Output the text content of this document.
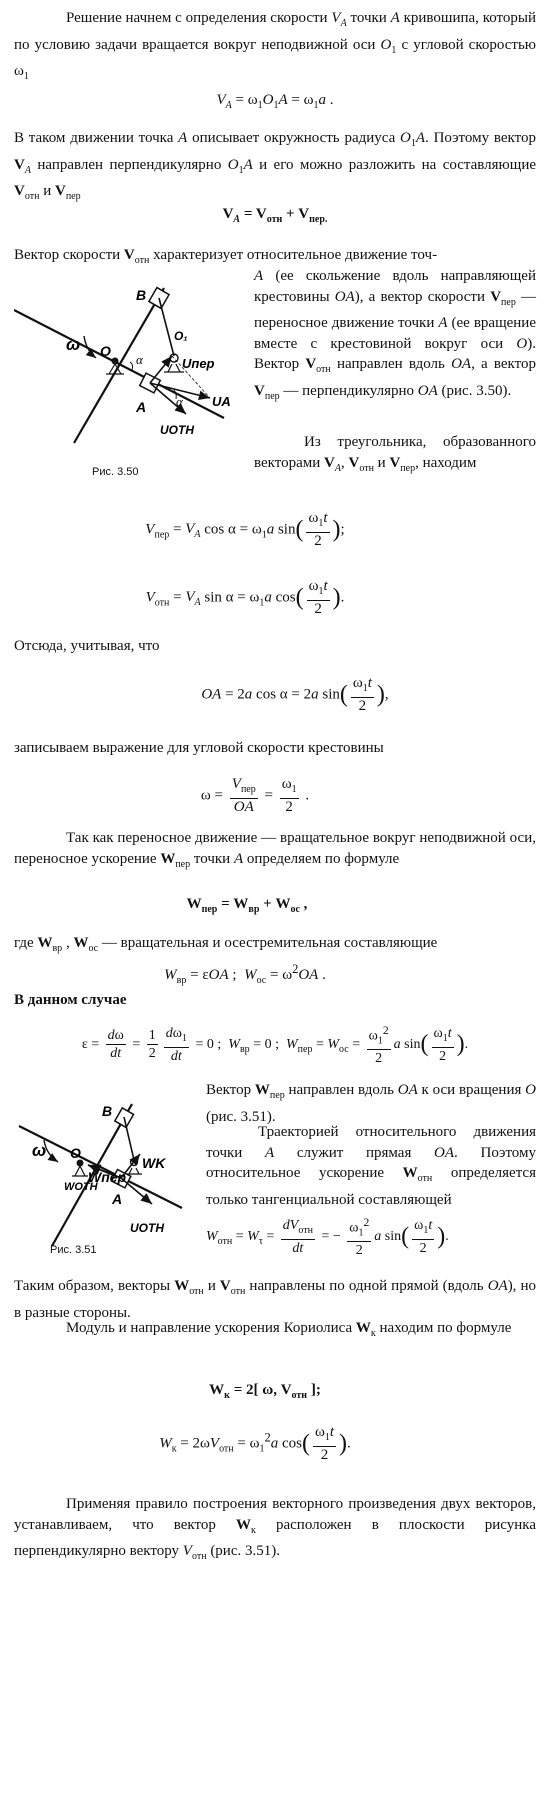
Решение начнем с определения скорости $V_A$ точки A кривошипа, который по условию задачи вращается вокруг неподвижной оси $O_1$ с угловой скоростью $\omega_1$
$V_A = \omega_1O_1A = \omega_1a$ .
В таком движении точка A описывает окружность радиуса $O_1A$. Поэтому вектор $V_A$ направлен перпендикулярно $O_1A$ и его можно разложить на составляющие $V_{отн}$ и $V_{пер}$
$V_A = V_{отн} + V_{пер.}$
Вектор скорости $V_{отн}$ характеризует относительное движение точ-
B
O₁
ω O
α
α
Uпер
UA
A
UOТН
Рис. 3.50
A (ее скольжение вдоль направляющей крестовины OA), а вектор скорости $V_{пер}$ — переносное движение точки A (ее вращение вместе с крестовиной вокруг оси O). Вектор $V_{отн}$ направлен вдоль OA, а вектор $V_{пер}$ — перпендикулярно OA (рис. 3.50).
Из треугольника, образованного векторами $V_A$, $V_{отн}$ и $V_{пер}$, находим
$V_{пер} = V_A$ $\cos \alpha = \omega_1a$ $\sin( \frac{\omega_1t}{2}$ );
$V_{отн} = V_A$ $\sin \alpha = \omega_1a$ $\cos( \frac{\omega_1t}{2}$ ).
Отсюда, учитывая, что
OA = 2a cos α = 2a $\sin( \frac{\omega_1t}{2}$ ),
записываем выражение для угловой скорости крестовины
$\omega = \frac{V_{пер}}{OA} = \frac{\omega_1}{2}$ .
Так как переносное движение — вращательное вокруг неподвижной оси, переносное ускорение $W_{пер}$ точки A определяем по формуле
$W_{пер} = W_{вр} + W_{ос}$ ,
где $W_{вр}$ , $W_{ос}$ — вращательная и осестремительная составляющие
$W_{вр} = \varepsilon OA$ ;  $W_{ос} = \omega^2OA$ .
В данном случае
$\varepsilon = \frac{d\omega}{dt} = \frac{1}{2} \frac{d\omega_1}{dt} = 0$ ;  $W_{вр} = 0$ ;  $W_{пер} = W_{ос} = \frac{\omega_1^2}{2}$ a $\sin( \frac{\omega_1t}{2}$ ).
B
ω O
Wпер
WK
WOТН
A
UOТН
Рис. 3.51
Вектор $W_{пер}$ направлен вдоль OA к оси вращения O (рис. 3.51).
Траекторией относительного движения точки A служит прямая OA. Поэтому относительное ускорение $W_{отн}$ определяется только тангенциальной составляющей
$W_{отн} = W_\tau = \frac{dV_{отн}}{dt}$ = − $\frac{\omega_1^2}{2}$ a $\sin( \frac{\omega_1t}{2}$ ).
Таким образом, векторы $W_{отн}$ и $V_{отн}$ направлены по одной прямой (вдоль OA), но в разные стороны.
Модуль и направление ускорения Кориолиса $W_к$ находим по формуле
$W_к = 2$[ ω, $V_{отн}$ ];
$W_к = 2\omega V_{отн} = \omega_1^2a$ $\cos( \frac{\omega_1t}{2}$ ).
Применяя правило построения векторного произведения двух векторов, устанавливаем, что вектор $W_к$ расположен в плоскости рисунка перпендикулярно вектору $V_{отн}$ (рис. 3.51).
